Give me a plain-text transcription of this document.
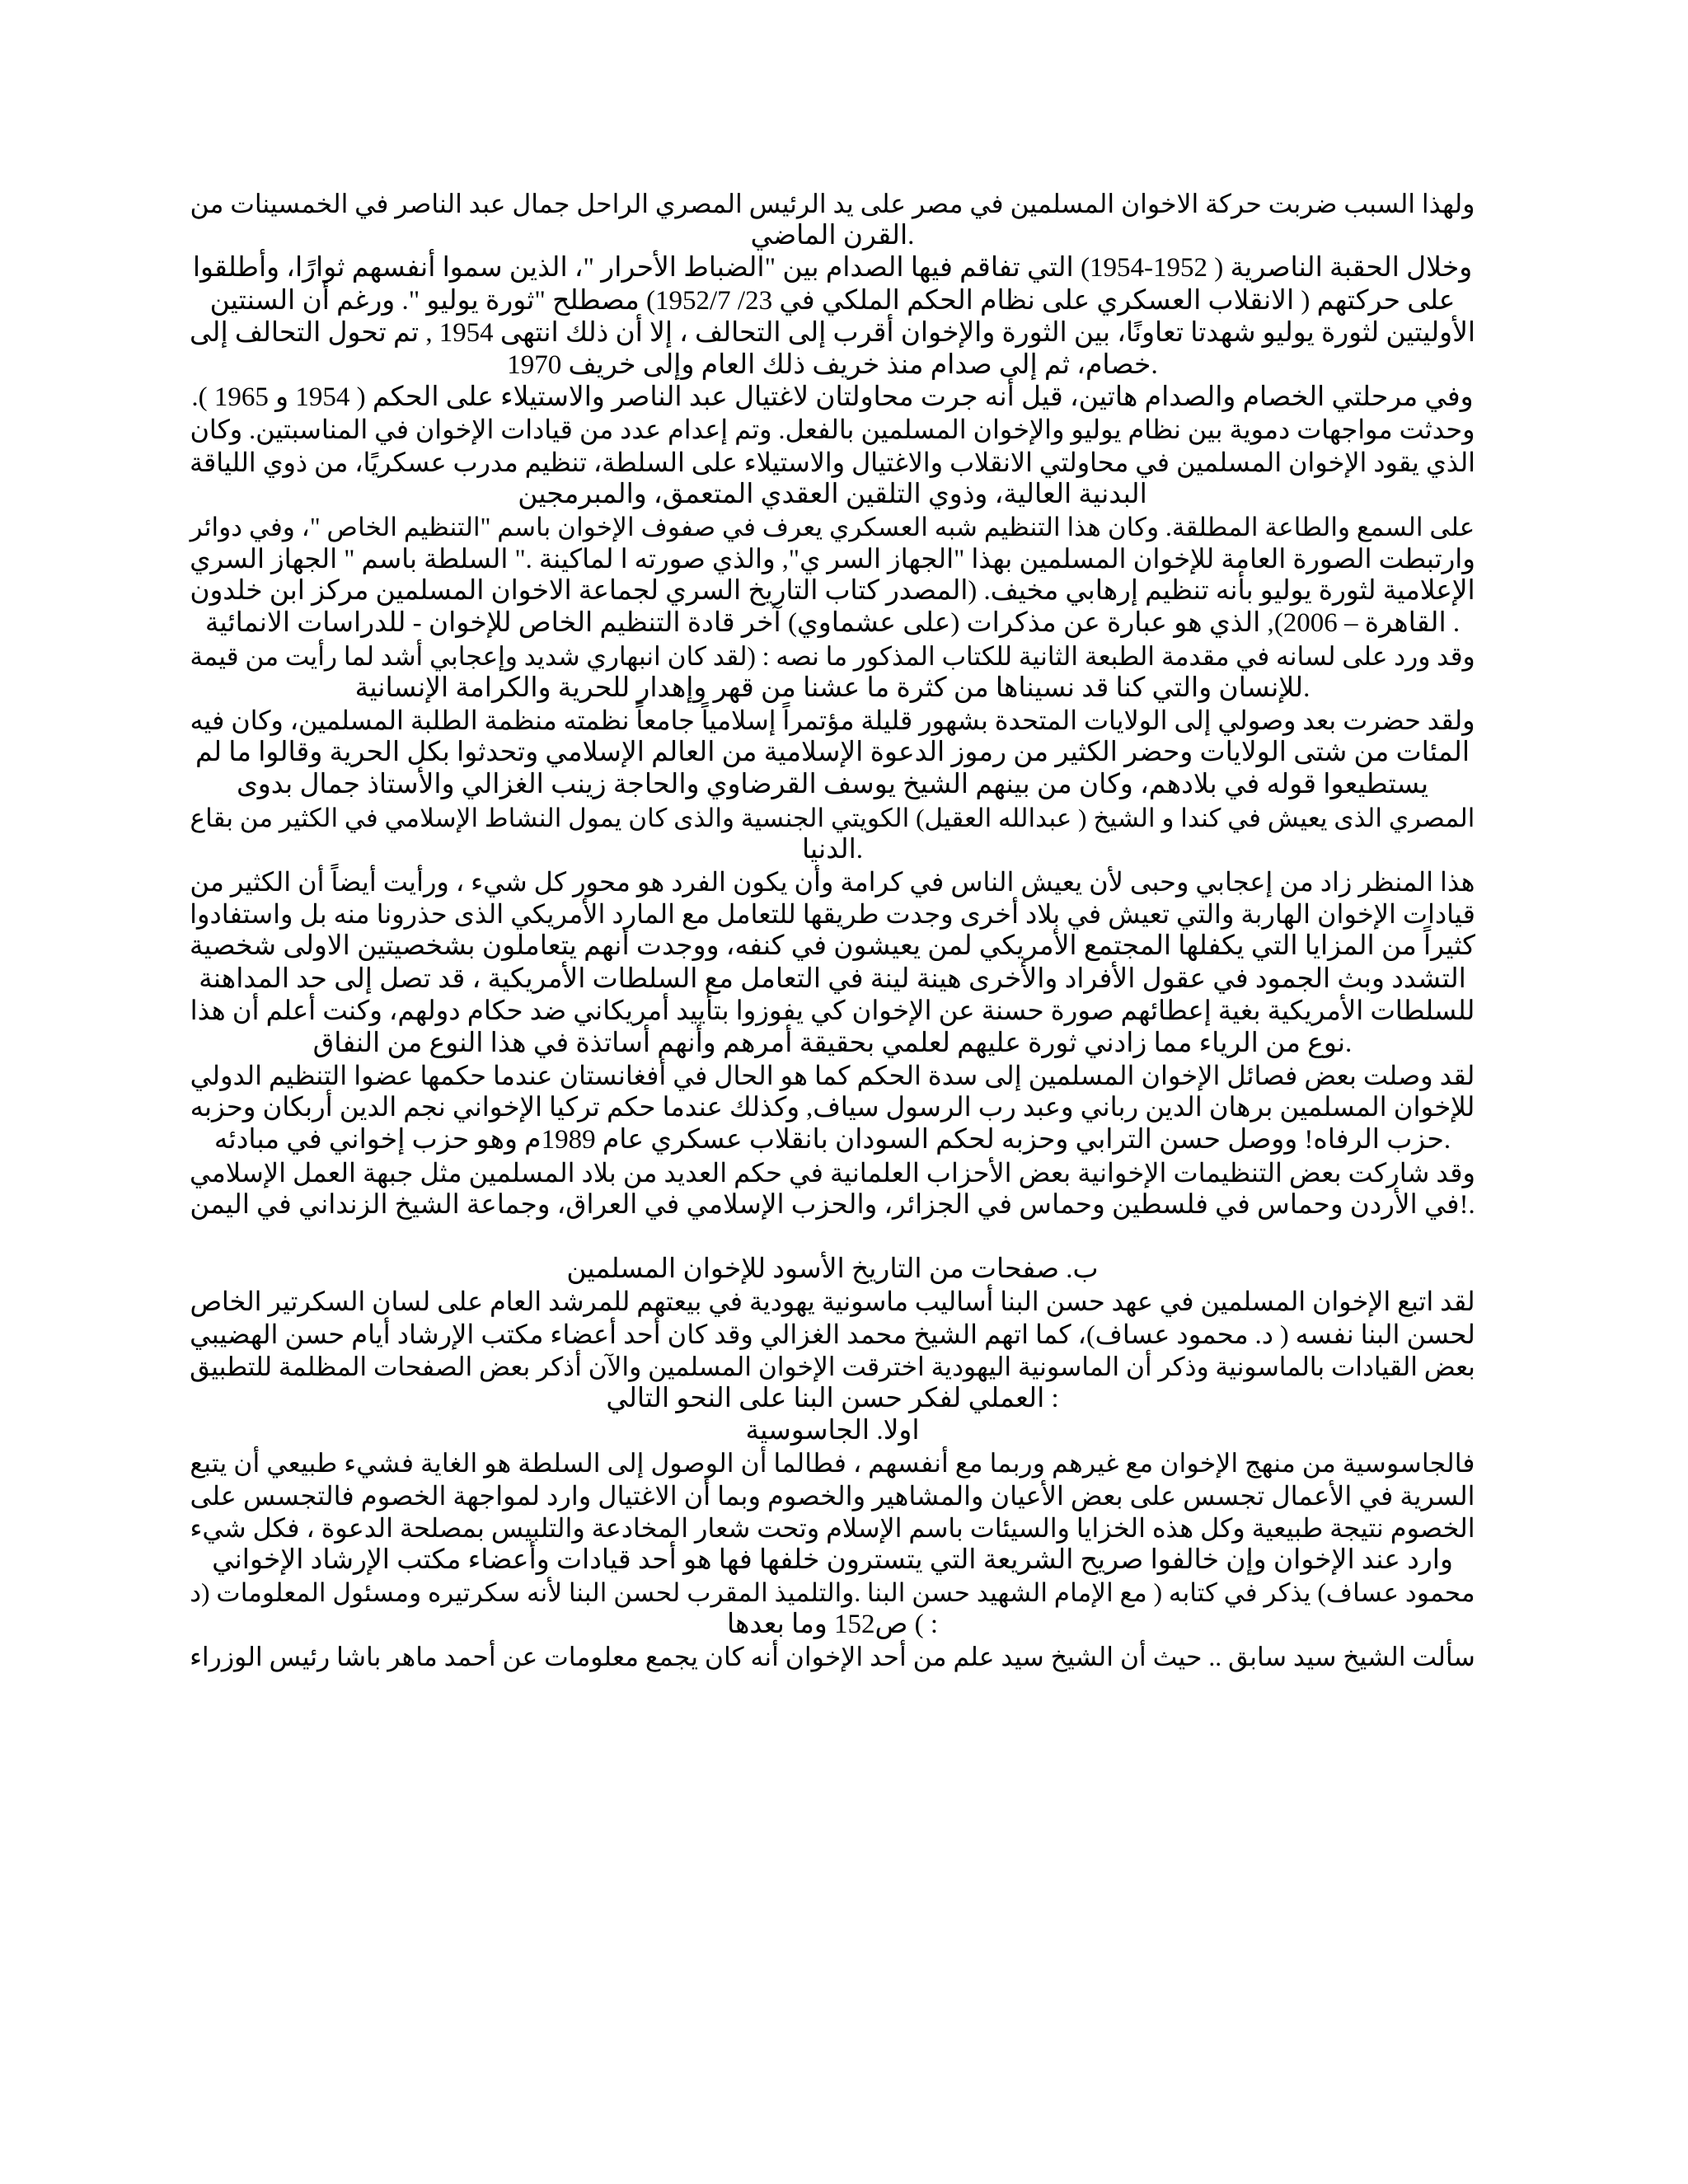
ولهذا السبب ضربت حركة الاخوان المسلمين في مصر على يد الرئيس المصري الراحل جمال عبد الناصر في الخمسينات من
.القرن الماضي
وخلال الحقبة الناصرية ( 1952-1954) التي تفاقم فيها الصدام بين "الضباط الأحرار "، الذين سموا أنفسهم ثوارًا، وأطلقوا
على حركتهم ( الانقلاب العسكري على نظام الحكم الملكي في 23/ 1952/7) مصطلح "ثورة يوليو ". ورغم أن السنتين
الأوليتين لثورة يوليو شهدتا تعاونًا، بين الثورة والإخوان أقرب إلى التحالف ، إلا أن ذلك انتهى 1954 , تم تحول التحالف إلى
.خصام، ثم إلى صدام منذ خريف ذلك العام وإلى خريف 1970
وفي مرحلتي الخصام والصدام هاتين، قيل أنه جرت محاولتان لاغتيال عبد الناصر والاستيلاء على الحكم ( 1954 و 1965 ).
وحدثت مواجهات دموية بين نظام يوليو والإخوان المسلمين بالفعل. وتم إعدام عدد من قيادات الإخوان في المناسبتين. وكان
الذي يقود الإخوان المسلمين في محاولتي الانقلاب والاغتيال والاستيلاء على السلطة، تنظيم مدرب عسكريًا، من ذوي اللياقة
البدنية العالية، وذوي التلقين العقدي المتعمق، والمبرمجين
على السمع والطاعة المطلقة. وكان هذا التنظيم شبه العسكري يعرف في صفوف الإخوان باسم "التنظيم الخاص "، وفي دوائر
وارتبطت الصورة العامة للإخوان المسلمين بهذا "الجهاز السر ي", والذي صورته ا لماكينة ." السلطة باسم " الجهاز السري
الإعلامية لثورة يوليو بأنه تنظيم إرهابي مخيف. (المصدر كتاب التاريخ السري لجماعة الاخوان المسلمين مركز ابن خلدون
. القاهرة – 2006), الذي هو عبارة عن مذكرات (على عشماوي) آخر قادة التنظيم الخاص للإخوان - للدراسات الانمائية
وقد ورد على لسانه في مقدمة الطبعة الثانية للكتاب المذكور ما نصه : (لقد كان انبهاري شديد وإعجابي أشد لما رأيت من قيمة
.للإنسان والتي كنا قد نسيناها من كثرة ما عشنا من قهر وإهدار للحرية والكرامة الإنسانية
ولقد حضرت بعد وصولي إلى الولايات المتحدة بشهور قليلة مؤتمراً إسلامياً جامعاً نظمته منظمة الطلبة المسلمين، وكان فيه
المئات من شتى الولايات وحضر الكثير من رموز الدعوة الإسلامية من العالم الإسلامي وتحدثوا بكل الحرية وقالوا ما لم
يستطيعوا قوله في بلادهم، وكان من بينهم الشيخ يوسف القرضاوي والحاجة زينب الغزالي والأستاذ جمال بدوى
المصري الذى يعيش في كندا و الشيخ ( عبدالله العقيل) الكويتي الجنسية والذى كان يمول النشاط الإسلامي في الكثير من بقاع
.الدنيا
هذا المنظر زاد من إعجابي وحبى لأن يعيش الناس في كرامة وأن يكون الفرد هو محور كل شيء ، ورأيت أيضاً أن الكثير من
قيادات الإخوان الهاربة والتي تعيش في بلاد أخرى وجدت طريقها للتعامل مع المارد الأمريكي الذى حذرونا منه بل واستفادوا
كثيراً من المزايا التي يكفلها المجتمع الأمريكي لمن يعيشون في كنفه، ووجدت أنهم يتعاملون بشخصيتين الاولى شخصية
التشدد وبث الجمود في عقول الأفراد والأخرى هينة لينة في التعامل مع السلطات الأمريكية ، قد تصل إلى حد المداهنة
للسلطات الأمريكية بغية إعطائهم صورة حسنة عن الإخوان كي يفوزوا بتأييد أمريكاني ضد حكام دولهم، وكنت أعلم أن هذا
.نوع من الرياء مما زادني ثورة عليهم لعلمي بحقيقة أمرهم وأنهم أساتذة في هذا النوع من النفاق
لقد وصلت بعض فصائل الإخوان المسلمين إلى سدة الحكم كما هو الحال في أفغانستان عندما حكمها عضوا التنظيم الدولي
للإخوان المسلمين برهان الدين رباني وعبد رب الرسول سياف, وكذلك عندما حكم تركيا الإخواني نجم الدين أربكان وحزبه
.حزب الرفاه! ووصل حسن الترابي وحزبه لحكم السودان بانقلاب عسكري عام 1989م وهو حزب إخواني في مبادئه
وقد شاركت بعض التنظيمات الإخوانية بعض الأحزاب العلمانية في حكم العديد من بلاد المسلمين مثل جبهة العمل الإسلامي
.!في الأردن وحماس في فلسطين وحماس في الجزائر، والحزب الإسلامي في العراق، وجماعة الشيخ الزنداني في اليمن
ب. صفحات من التاريخ الأسود للإخوان المسلمين
لقد اتبع الإخوان المسلمين في عهد حسن البنا أساليب ماسونية يهودية في بيعتهم للمرشد العام على لسان السكرتير الخاص
لحسن البنا نفسه ( د. محمود عساف)، كما اتهم الشيخ محمد الغزالي وقد كان أحد أعضاء مكتب الإرشاد أيام حسن الهضيبي
بعض القيادات بالماسونية وذكر أن الماسونية اليهودية اخترقت الإخوان المسلمين والآن أذكر بعض الصفحات المظلمة للتطبيق
: العملي لفكر حسن البنا على النحو التالي
اولا. الجاسوسية
فالجاسوسية من منهج الإخوان مع غيرهم وربما مع أنفسهم ، فطالما أن الوصول إلى السلطة هو الغاية فشيء طبيعي أن يتبع
السرية في الأعمال تجسس على بعض الأعيان والمشاهير والخصوم وبما أن الاغتيال وارد لمواجهة الخصوم فالتجسس على
الخصوم نتيجة طبيعية وكل هذه الخزايا والسيئات باسم الإسلام وتحت شعار المخادعة والتلبيس بمصلحة الدعوة ، فكل شيء
وارد عند الإخوان وإن خالفوا صريح الشريعة التي يتسترون خلفها فها هو أحد قيادات وأعضاء مكتب الإرشاد الإخواني
محمود عساف) يذكر في كتابه ( مع الإمام الشهيد حسن البنا .والتلميذ المقرب لحسن البنا لأنه سكرتيره ومسئول المعلومات (د
: ) ص152 وما بعدها
سألت الشيخ سيد سابق .. حيث أن الشيخ سيد علم من أحد الإخوان أنه كان يجمع معلومات عن أحمد ماهر باشا رئيس الوزراء
